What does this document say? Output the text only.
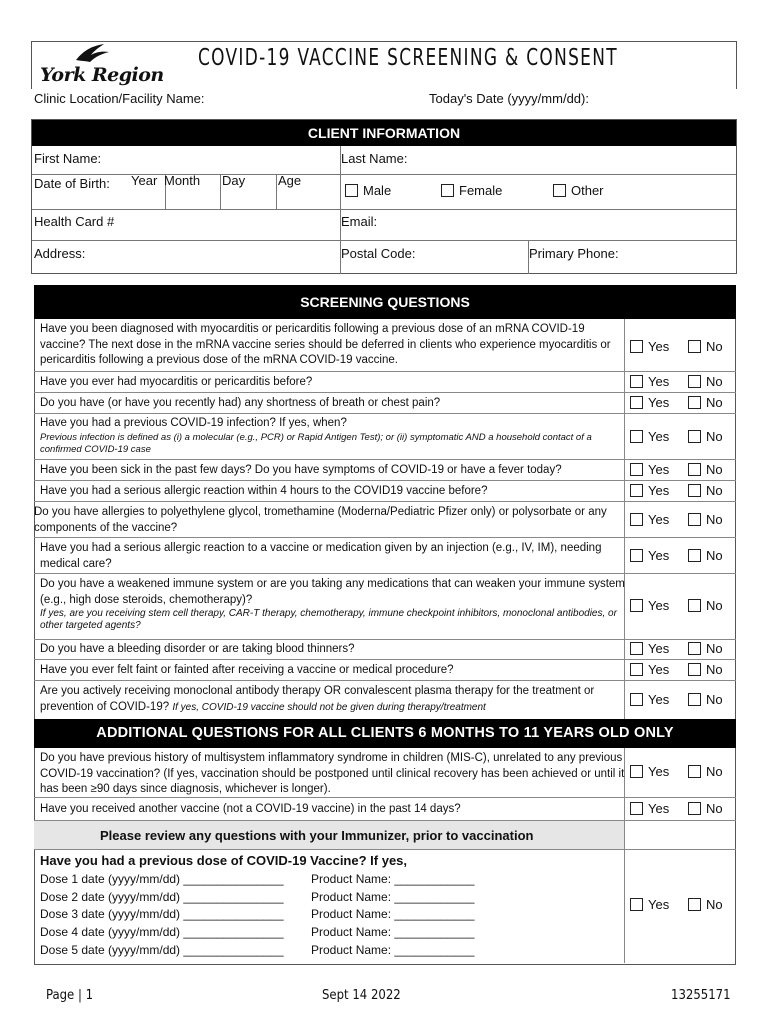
York Region
COVID-19 VACCINE SCREENING & CONSENT
Clinic Location/Facility Name:	Today's Date (yyyy/mm/dd):
CLIENT INFORMATION
First Name:	Last Name:
Date of Birth:	Year Month Day	Age
Male	Female	Other
Health Card #	Email:
Address:	Postal Code:	Primary Phone:
SCREENING QUESTIONS
Have you been diagnosed with myocarditis or pericarditis following a previous dose of an mRNA COVID-19 vaccine? The next dose in the mRNA vaccine series should be deferred in clients who experience myocarditis or pericarditis following a previous dose of the mRNA COVID-19 vaccine.
Yes	No
Have you ever had myocarditis or pericarditis before?	Yes	No
Do you have (or have you recently had) any shortness of breath or chest pain?	Yes	No
Have you had a previous COVID-19 infection? If yes, when?
Previous infection is defined as (i) a molecular (e.g., PCR) or Rapid Antigen Test); or (ii) symptomatic AND a household contact of a confirmed COVID-19 case
Yes	No
Have you been sick in the past few days? Do you have symptoms of COVID-19 or have a fever today?	Yes	No
Have you had a serious allergic reaction within 4 hours to the COVID19 vaccine before?	Yes	No
Do you have allergies to polyethylene glycol, tromethamine (Moderna/Pediatric Pfizer only) or polysorbate or any components of the vaccine?
Yes	No
Have you had a serious allergic reaction to a vaccine or medication given by an injection (e.g., IV, IM), needing medical care?
Yes	No
Do you have a weakened immune system or are you taking any medications that can weaken your immune system (e.g., high dose steroids, chemotherapy)?
If yes, are you receiving stem cell therapy, CAR-T therapy, chemotherapy, immune checkpoint inhibitors, monoclonal antibodies, or other targeted agents?
Yes	No
Do you have a bleeding disorder or are taking blood thinners?	Yes	No
Have you ever felt faint or fainted after receiving a vaccine or medical procedure?	Yes	No
Are you actively receiving monoclonal antibody therapy OR convalescent plasma therapy for the treatment or prevention of COVID-19? If yes, COVID-19 vaccine should not be given during therapy/treatment	Yes	No
ADDITIONAL QUESTIONS FOR ALL CLIENTS 6 MONTHS TO 11 YEARS OLD ONLY
Do you have previous history of multisystem inflammatory syndrome in children (MIS-C), unrelated to any previous COVID-19 vaccination? (If yes, vaccination should be postponed until clinical recovery has been achieved or until it has been ≥90 days since diagnosis, whichever is longer).
Yes	No
Have you received another vaccine (not a COVID-19 vaccine) in the past 14 days?	Yes	No
Please review any questions with your Immunizer, prior to vaccination
Have you had a previous dose of COVID-19 Vaccine? If yes,
Dose 1 date (yyyy/mm/dd) _______________ Product Name: ____________
Dose 2 date (yyyy/mm/dd) _______________ Product Name: ____________
Dose 3 date (yyyy/mm/dd) _______________ Product Name: ____________
Dose 4 date (yyyy/mm/dd) _______________ Product Name: ____________
Dose 5 date (yyyy/mm/dd) _______________ Product Name: ____________
Yes	No
Page | 1	Sept 14 2022	13255171
